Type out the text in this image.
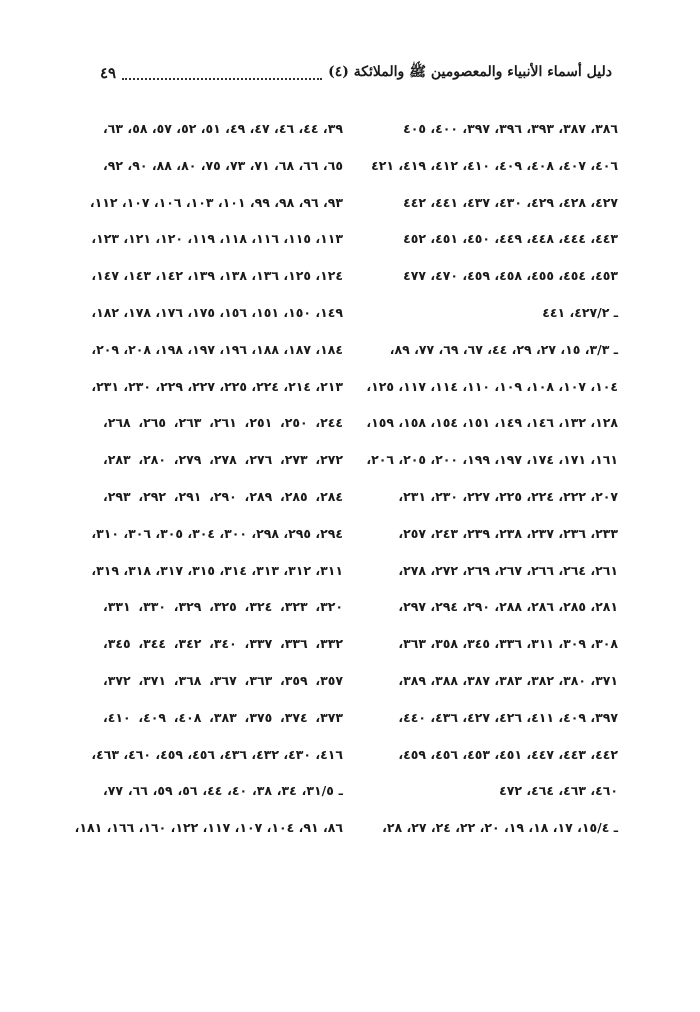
دليل أسماء الأنبياء والمعصومين ﷺ والملائكة (٤)
٤٩
٣٨٦، ٣٨٧، ٣٩٣، ٣٩٦، ٣٩٧، ٤٠٠، ٤٠٥
٤٠٦، ٤٠٧، ٤٠٨، ٤٠٩، ٤١٠، ٤١٢، ٤١٩، ٤٢١
٤٢٧، ٤٢٨، ٤٢٩، ٤٣٠، ٤٣٧، ٤٤١، ٤٤٢
٤٤٣، ٤٤٤، ٤٤٨، ٤٤٩، ٤٥٠، ٤٥١، ٤٥٢
٤٥٣، ٤٥٤، ٤٥٥، ٤٥٨، ٤٥٩، ٤٧٠، ٤٧٧
ـ ٤٢٧/٢، ٤٤١
ـ ٣/٣، ١٥، ٢٧، ٢٩، ٤٤، ٦٧، ٦٩، ٧٧، ٨٩،
١٠٤، ١٠٧، ١٠٨، ١٠٩، ١١٠، ١١٤، ١١٧، ١٢٥،
١٢٨، ١٣٢، ١٤٦، ١٤٩، ١٥١، ١٥٤، ١٥٨، ١٥٩،
١٦١، ١٧١، ١٧٤، ١٩٧، ١٩٩، ٢٠٠، ٢٠٥، ٢٠٦،
٢٠٧، ٢٢٢، ٢٢٤، ٢٢٥، ٢٢٧، ٢٣٠، ٢٣١،
٢٣٣، ٢٣٦، ٢٣٧، ٢٣٨، ٢٣٩، ٢٤٣، ٢٥٧،
٢٦١، ٢٦٤، ٢٦٦، ٢٦٧، ٢٦٩، ٢٧٢، ٢٧٨،
٢٨١، ٢٨٥، ٢٨٦، ٢٨٨، ٢٩٠، ٢٩٤، ٢٩٧،
٣٠٨، ٣٠٩، ٣١١، ٣٣٦، ٣٤٥، ٣٥٨، ٣٦٣،
٣٧١، ٣٨٠، ٣٨٢، ٣٨٣، ٣٨٧، ٣٨٨، ٣٨٩،
٣٩٧، ٤٠٩، ٤١١، ٤٢٦، ٤٢٧، ٤٣٦، ٤٤٠،
٤٤٢، ٤٤٣، ٤٤٧، ٤٥١، ٤٥٣، ٤٥٦، ٤٥٩،
٤٦٠، ٤٦٣، ٤٦٤، ٤٧٢
ـ ١٥/٤، ١٧، ١٨، ١٩، ٢٠، ٢٢، ٢٤، ٢٧، ٢٨،
٣٩، ٤٤، ٤٦، ٤٧، ٤٩، ٥١، ٥٢، ٥٧، ٥٨، ٦٣،
٦٥، ٦٦، ٦٨، ٧١، ٧٣، ٧٥، ٨٠، ٨٨، ٩٠، ٩٢،
٩٣، ٩٦، ٩٨، ٩٩، ١٠١، ١٠٣، ١٠٦، ١٠٧، ١١٢،
١١٣، ١١٥، ١١٦، ١١٨، ١١٩، ١٢٠، ١٢١، ١٢٣،
١٢٤، ١٢٥، ١٣٦، ١٣٨، ١٣٩، ١٤٢، ١٤٣، ١٤٧،
١٤٩، ١٥٠، ١٥١، ١٥٦، ١٧٥، ١٧٦، ١٧٨، ١٨٢،
١٨٤، ١٨٧، ١٨٨، ١٩٦، ١٩٧، ١٩٨، ٢٠٨، ٢٠٩،
٢١٣، ٢١٤، ٢٢٤، ٢٢٥، ٢٢٧، ٢٢٩، ٢٣٠، ٢٣١،
٢٤٤، ٢٥٠، ٢٥١، ٢٦١، ٢٦٣، ٢٦٥، ٢٦٨،
٢٧٢، ٢٧٣، ٢٧٦، ٢٧٨، ٢٧٩، ٢٨٠، ٢٨٣،
٢٨٤، ٢٨٥، ٢٨٩، ٢٩٠، ٢٩١، ٢٩٢، ٢٩٣،
٢٩٤، ٢٩٥، ٢٩٨، ٣٠٠، ٣٠٤، ٣٠٥، ٣٠٦، ٣١٠،
٣١١، ٣١٢، ٣١٣، ٣١٤، ٣١٥، ٣١٧، ٣١٨، ٣١٩،
٣٢٠، ٣٢٣، ٣٢٤، ٣٢٥، ٣٢٩، ٣٣٠، ٣٣١،
٣٣٢، ٣٣٦، ٣٣٧، ٣٤٠، ٣٤٢، ٣٤٤، ٣٤٥،
٣٥٧، ٣٥٩، ٣٦٣، ٣٦٧، ٣٦٨، ٣٧١، ٣٧٢،
٣٧٣، ٣٧٤، ٣٧٥، ٣٨٣، ٤٠٨، ٤٠٩، ٤١٠،
٤١٦، ٤٣٠، ٤٣٢، ٤٣٦، ٤٥٦، ٤٥٩، ٤٦٠، ٤٦٣،
ـ ٣١/٥، ٣٤، ٣٨، ٤٠، ٤٤، ٥٦، ٥٩، ٦٦، ٧٧،
٨٦، ٩١، ١٠٤، ١٠٧، ١١٧، ١٢٢، ١٦٠، ١٦٦، ١٨١،
